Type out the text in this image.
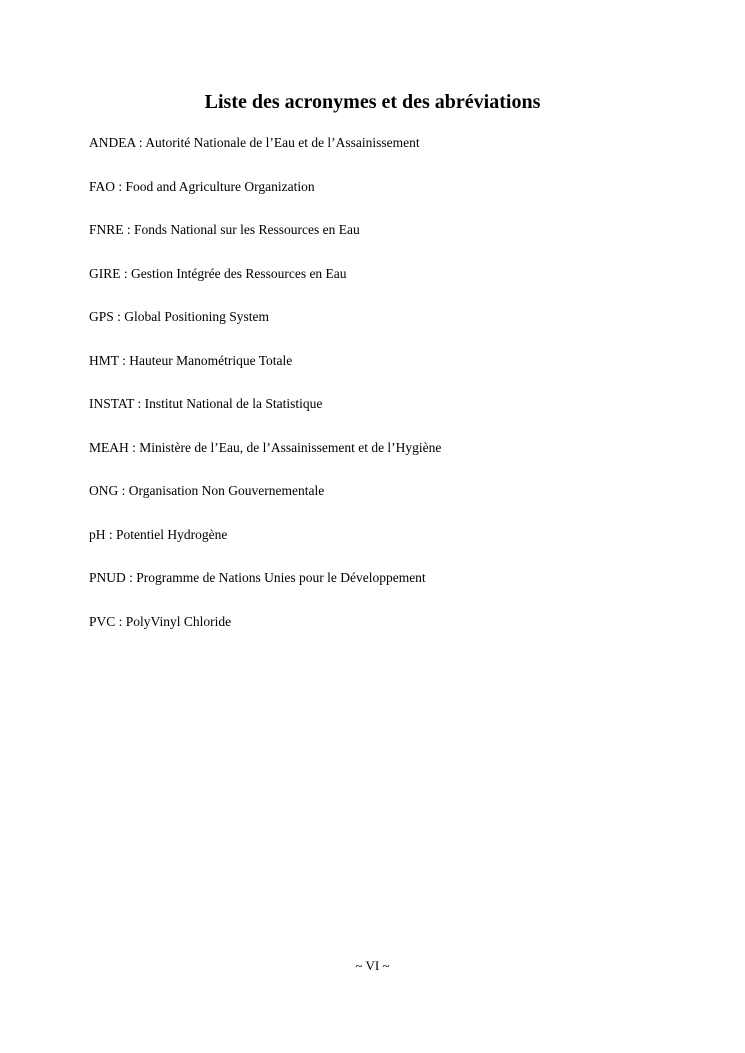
Liste des acronymes et des abréviations
ANDEA : Autorité Nationale de l’Eau et de l’Assainissement
FAO : Food and Agriculture Organization
FNRE : Fonds National sur les Ressources en Eau
GIRE : Gestion Intégrée des Ressources en Eau
GPS : Global Positioning System
HMT : Hauteur Manométrique Totale
INSTAT : Institut National de la Statistique
MEAH : Ministère de l’Eau, de l’Assainissement et de l’Hygiène
ONG : Organisation Non Gouvernementale
pH : Potentiel Hydrogène
PNUD : Programme de Nations Unies pour le Développement
PVC : PolyVinyl Chloride
~ VI ~
